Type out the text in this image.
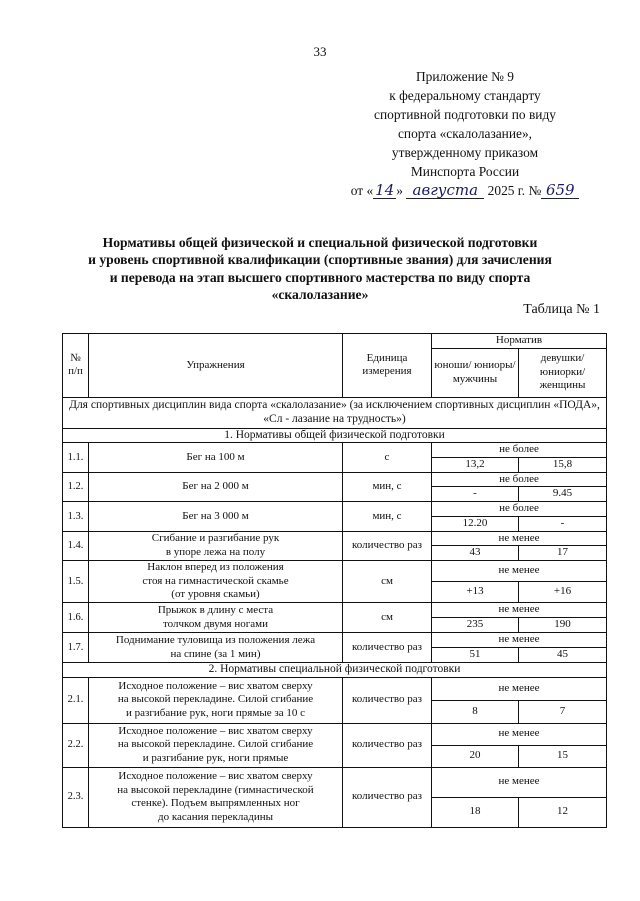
33
Приложение № 9
к федеральному стандарту
спортивной подготовки по виду
спорта «скалолазание»,
утвержденному приказом
Минспорта России
от « 14 » августа 2025 г. № 659
Нормативы общей физической и специальной физической подготовки
и уровень спортивной квалификации (спортивные звания) для зачисления
и перевода на этап высшего спортивного мастерства по виду спорта
«скалолазание»
Таблица № 1
№ п/п	Упражнения	Единица измерения	Норматив	
			юноши/ юниоры/ мужчины	девушки/ юниорки/ женщины
Для спортивных дисциплин вида спорта «скалолазание» (за исключением спортивных дисциплин «ПОДА», «Сл - лазание на трудность»)				
1. Нормативы общей физической подготовки				
1.1.	Бег на 100 м	с	не более	
			13,2	15,8
1.2.	Бег на 2 000 м	мин, с	не более	
			-	9.45
1.3.	Бег на 3 000 м	мин, с	не более	
			12.20	-
1.4.	Сгибание и разгибание рук
в упоре лежа на полу	количество раз	не менее	
			43	17
1.5.	Наклон вперед из положения
стоя на гимнастической скамье
(от уровня скамьи)	см	не менее	
			+13	+16
1.6.	Прыжок в длину с места
толчком двумя ногами	см	не менее	
			235	190
1.7.	Поднимание туловища из положения лежа
на спине (за 1 мин)	количество раз	не менее	
			51	45
2. Нормативы специальной физической подготовки				
2.1.	Исходное положение – вис хватом сверху
на высокой перекладине. Силой сгибание
и разгибание рук, ноги прямые за 10 с	количество раз	не менее	
			8	7
2.2.	Исходное положение – вис хватом сверху
на высокой перекладине. Силой сгибание
и разгибание рук, ноги прямые	количество раз	не менее	
			20	15
2.3.	Исходное положение – вис хватом сверху
на высокой перекладине (гимнастической
стенке). Подъем выпрямленных ног
до касания перекладины	количество раз	не менее	
			18	12
